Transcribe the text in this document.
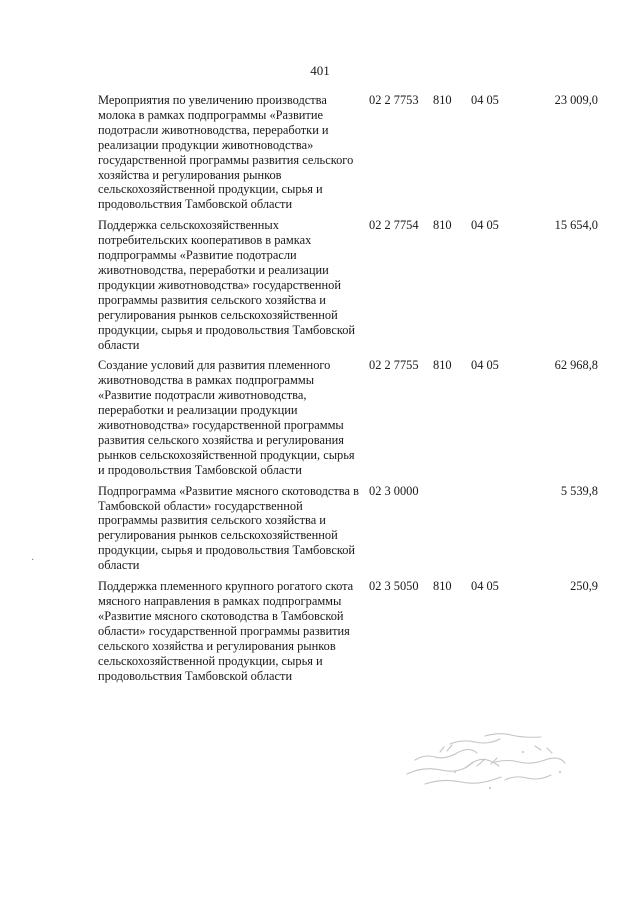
401
Мероприятия по увеличению производства молока в рамках подпрограммы «Развитие подотрасли животноводства, переработки и реализации продукции животноводства» государственной программы развития сельского хозяйства и регулирования рынков сельскохозяйственной продукции, сырья и продовольствия Тамбовской области
02 2 7753 810 04 05	23 009,0
Поддержка сельскохозяйственных потребительских кооперативов в рамках подпрограммы «Развитие подотрасли животноводства, переработки и реализации продукции животноводства» государственной программы развития сельского хозяйства и регулирования рынков сельскохозяйственной продукции, сырья и продовольствия Тамбовской области
02 2 7754 810 04 05	15 654,0
Создание условий для развития племенного животноводства в рамках подпрограммы «Развитие подотрасли животноводства, переработки и реализации продукции животноводства» государственной программы развития сельского хозяйства и регулирования рынков сельскохозяйственной продукции, сырья и продовольствия Тамбовской области
02 2 7755 810 04 05	62 968,8
Подпрограмма «Развитие мясного скотоводства в Тамбовской области» государственной программы развития сельского хозяйства и регулирования рынков сельскохозяйственной продукции, сырья и продовольствия Тамбовской области
02 3 0000	5 539,8
Поддержка племенного крупного рогатого скота мясного направления в рамках подпрограммы «Развитие мясного скотоводства в Тамбовской области» государственной программы развития сельского хозяйства и регулирования рынков сельскохозяйственной продукции, сырья и продовольствия Тамбовской области
02 3 5050 810 04 05	250,9
·
